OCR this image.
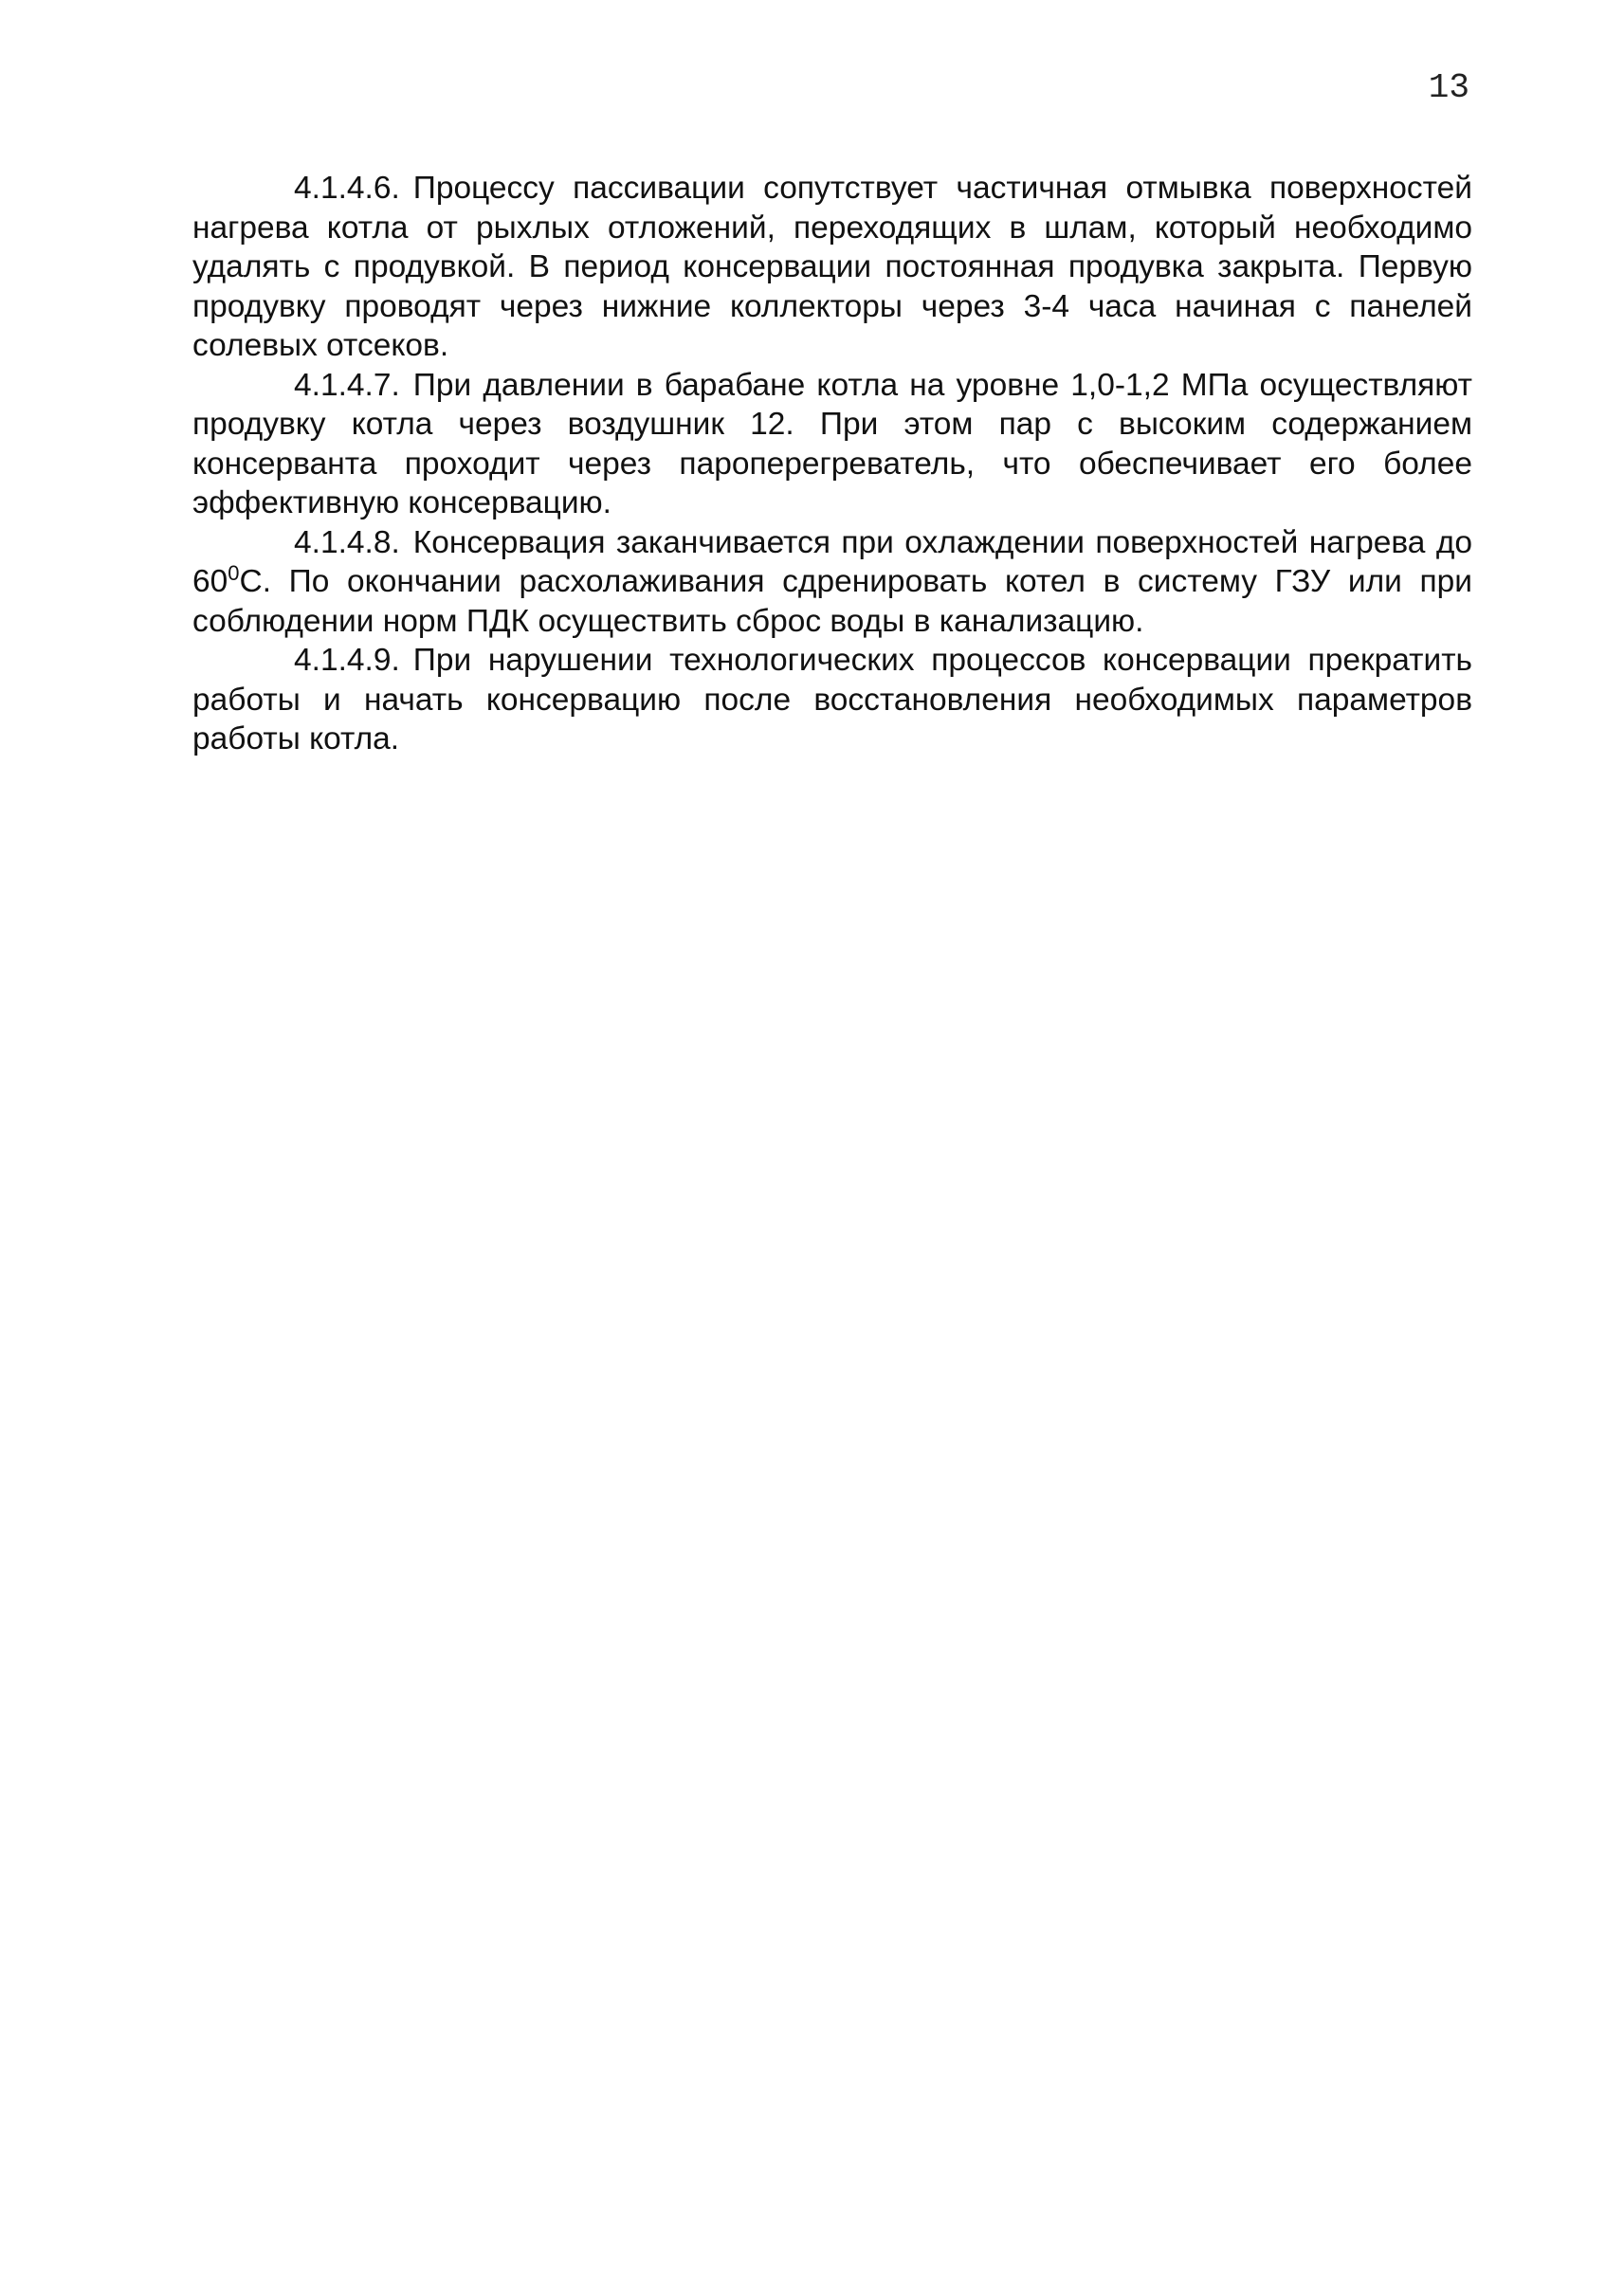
13

4.1.4.6. Процессу пассивации сопутствует частичная отмывка поверхностей нагрева котла от рыхлых отложений, переходящих в шлам, который необходимо удалять с продувкой. В период консервации постоянная продувка закрыта. Первую продувку проводят через нижние коллекторы через 3-4 часа начиная с панелей солевых отсеков.

4.1.4.7. При давлении в барабане котла на уровне 1,0-1,2 МПа осуществляют продувку котла через воздушник 12. При этом пар с высоким содержанием консерванта проходит через пароперегреватель, что обеспечивает его более эффективную консервацию.

4.1.4.8. Консервация заканчивается при охлаждении поверхностей нагрева до $60^0С$. По окончании расхолаживания сдренировать котел в систему ГЗУ или при соблюдении норм ПДК осуществить сброс воды в канализацию.

4.1.4.9. При нарушении технологических процессов консервации прекратить работы и начать консервацию после восстановления необходимых параметров работы котла.
